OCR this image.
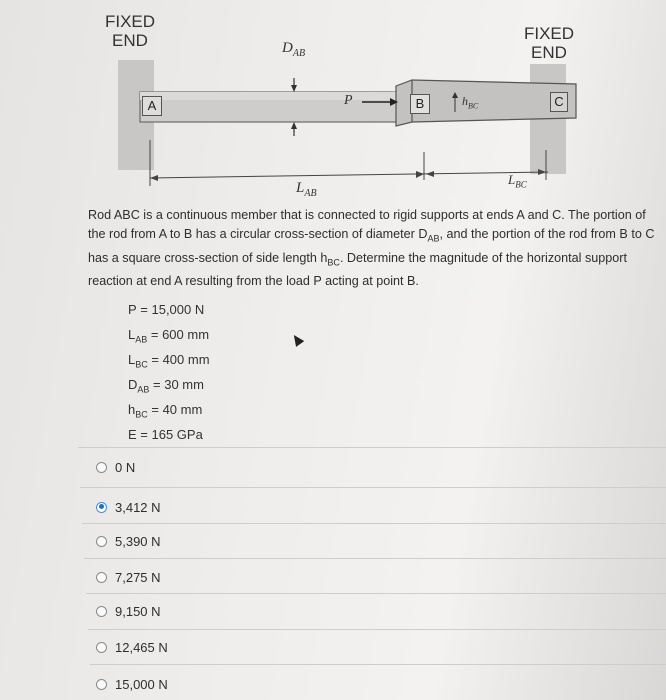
FIXED
END	FIXED
END
$D_{AB}$
A	P	B	$h_{BC}$	C
$L_{AB}$
$L_{BC}$
Rod ABC is a continuous member that is connected to rigid supports at ends A and C. The portion of the rod from A to B has a circular cross-section of diameter $D_{AB}$, and the portion of the rod from B to C has a square cross-section of side length $h_{BC}$. Determine the magnitude of the horizontal support reaction at end A resulting from the load P acting at point B.
P = 15,000 N
$L_{AB} = 600$ mm
$L_{BC} = 400$ mm
$D_{AB} = 30$ mm
$h_{BC} = 40$ mm
E = 165 GPa
0 N
3,412 N
5,390 N
7,275 N
9,150 N
12,465 N
15,000 N
